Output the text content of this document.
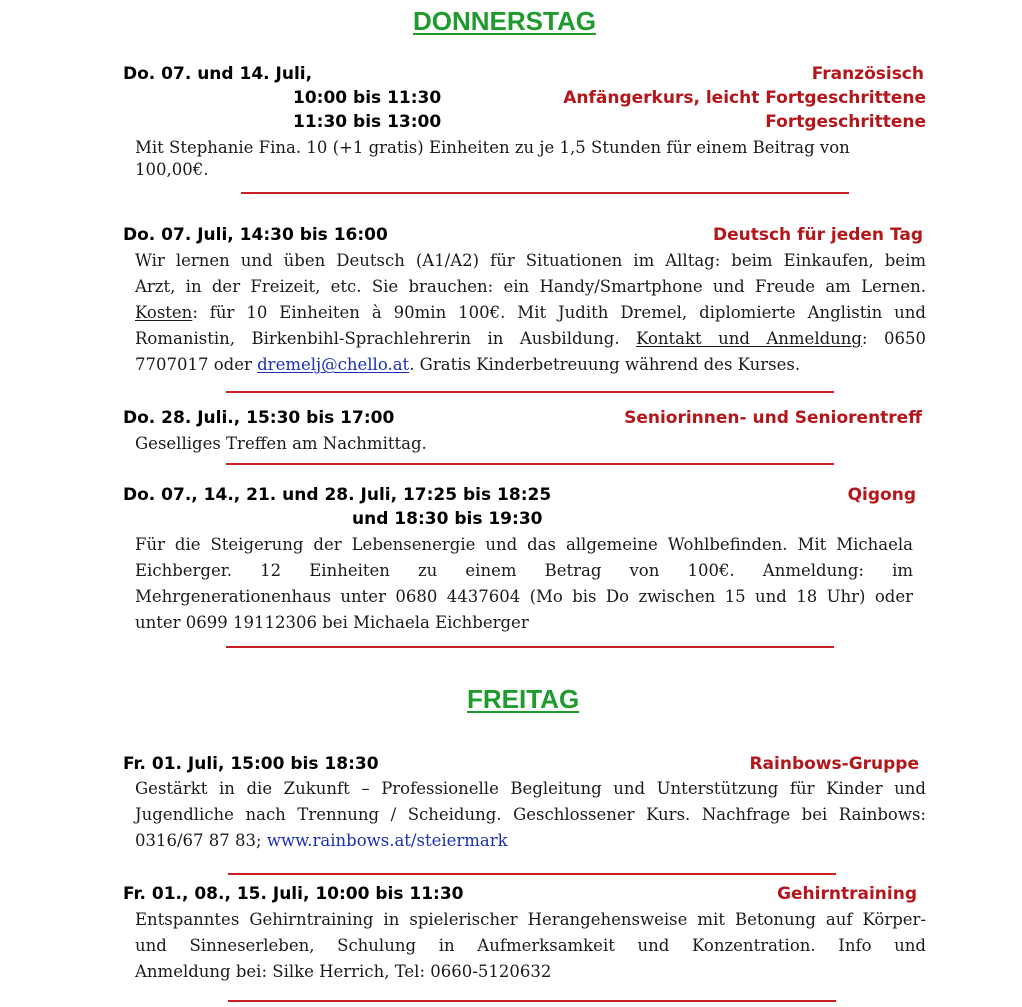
DONNERSTAG
Do. 07. und 14. Juli,	Französisch
10:00 bis 11:30	Anfängerkurs, leicht Fortgeschrittene
11:30 bis 13:00	Fortgeschrittene
Mit Stephanie Fina. 10 (+1 gratis) Einheiten zu je 1,5 Stunden für einem Beitrag von
100,00€.
Do. 07. Juli, 14:30 bis 16:00	Deutsch für jeden Tag
Wir lernen und üben Deutsch (A1/A2) für Situationen im Alltag: beim Einkaufen, beim
Arzt, in der Freizeit, etc. Sie brauchen: ein Handy/Smartphone und Freude am Lernen.
Kosten: für 10 Einheiten à 90min 100€. Mit Judith Dremel, diplomierte Anglistin und
Romanistin, Birkenbihl-Sprachlehrerin in Ausbildung. Kontakt und Anmeldung: 0650
7707017 oder dremelj@chello.at. Gratis Kinderbetreuung während des Kurses.
Do. 28. Juli., 15:30 bis 17:00	Seniorinnen- und Seniorentreff
Geselliges Treffen am Nachmittag.
Do. 07., 14., 21. und 28. Juli, 17:25 bis 18:25	Qigong
und 18:30 bis 19:30
Für die Steigerung der Lebensenergie und das allgemeine Wohlbefinden. Mit Michaela
Eichberger. 12 Einheiten zu einem Betrag von 100€. Anmeldung: im
Mehrgenerationenhaus unter 0680 4437604 (Mo bis Do zwischen 15 und 18 Uhr) oder
unter 0699 19112306 bei Michaela Eichberger
FREITAG
Fr. 01. Juli, 15:00 bis 18:30	Rainbows-Gruppe
Gestärkt in die Zukunft – Professionelle Begleitung und Unterstützung für Kinder und
Jugendliche nach Trennung / Scheidung. Geschlossener Kurs. Nachfrage bei Rainbows:
0316/67 87 83; www.rainbows.at/steiermark
Fr. 01., 08., 15. Juli, 10:00 bis 11:30	Gehirntraining
Entspanntes Gehirntraining in spielerischer Herangehensweise mit Betonung auf Körper-
und Sinneserleben, Schulung in Aufmerksamkeit und Konzentration. Info und
Anmeldung bei: Silke Herrich, Tel: 0660-5120632
